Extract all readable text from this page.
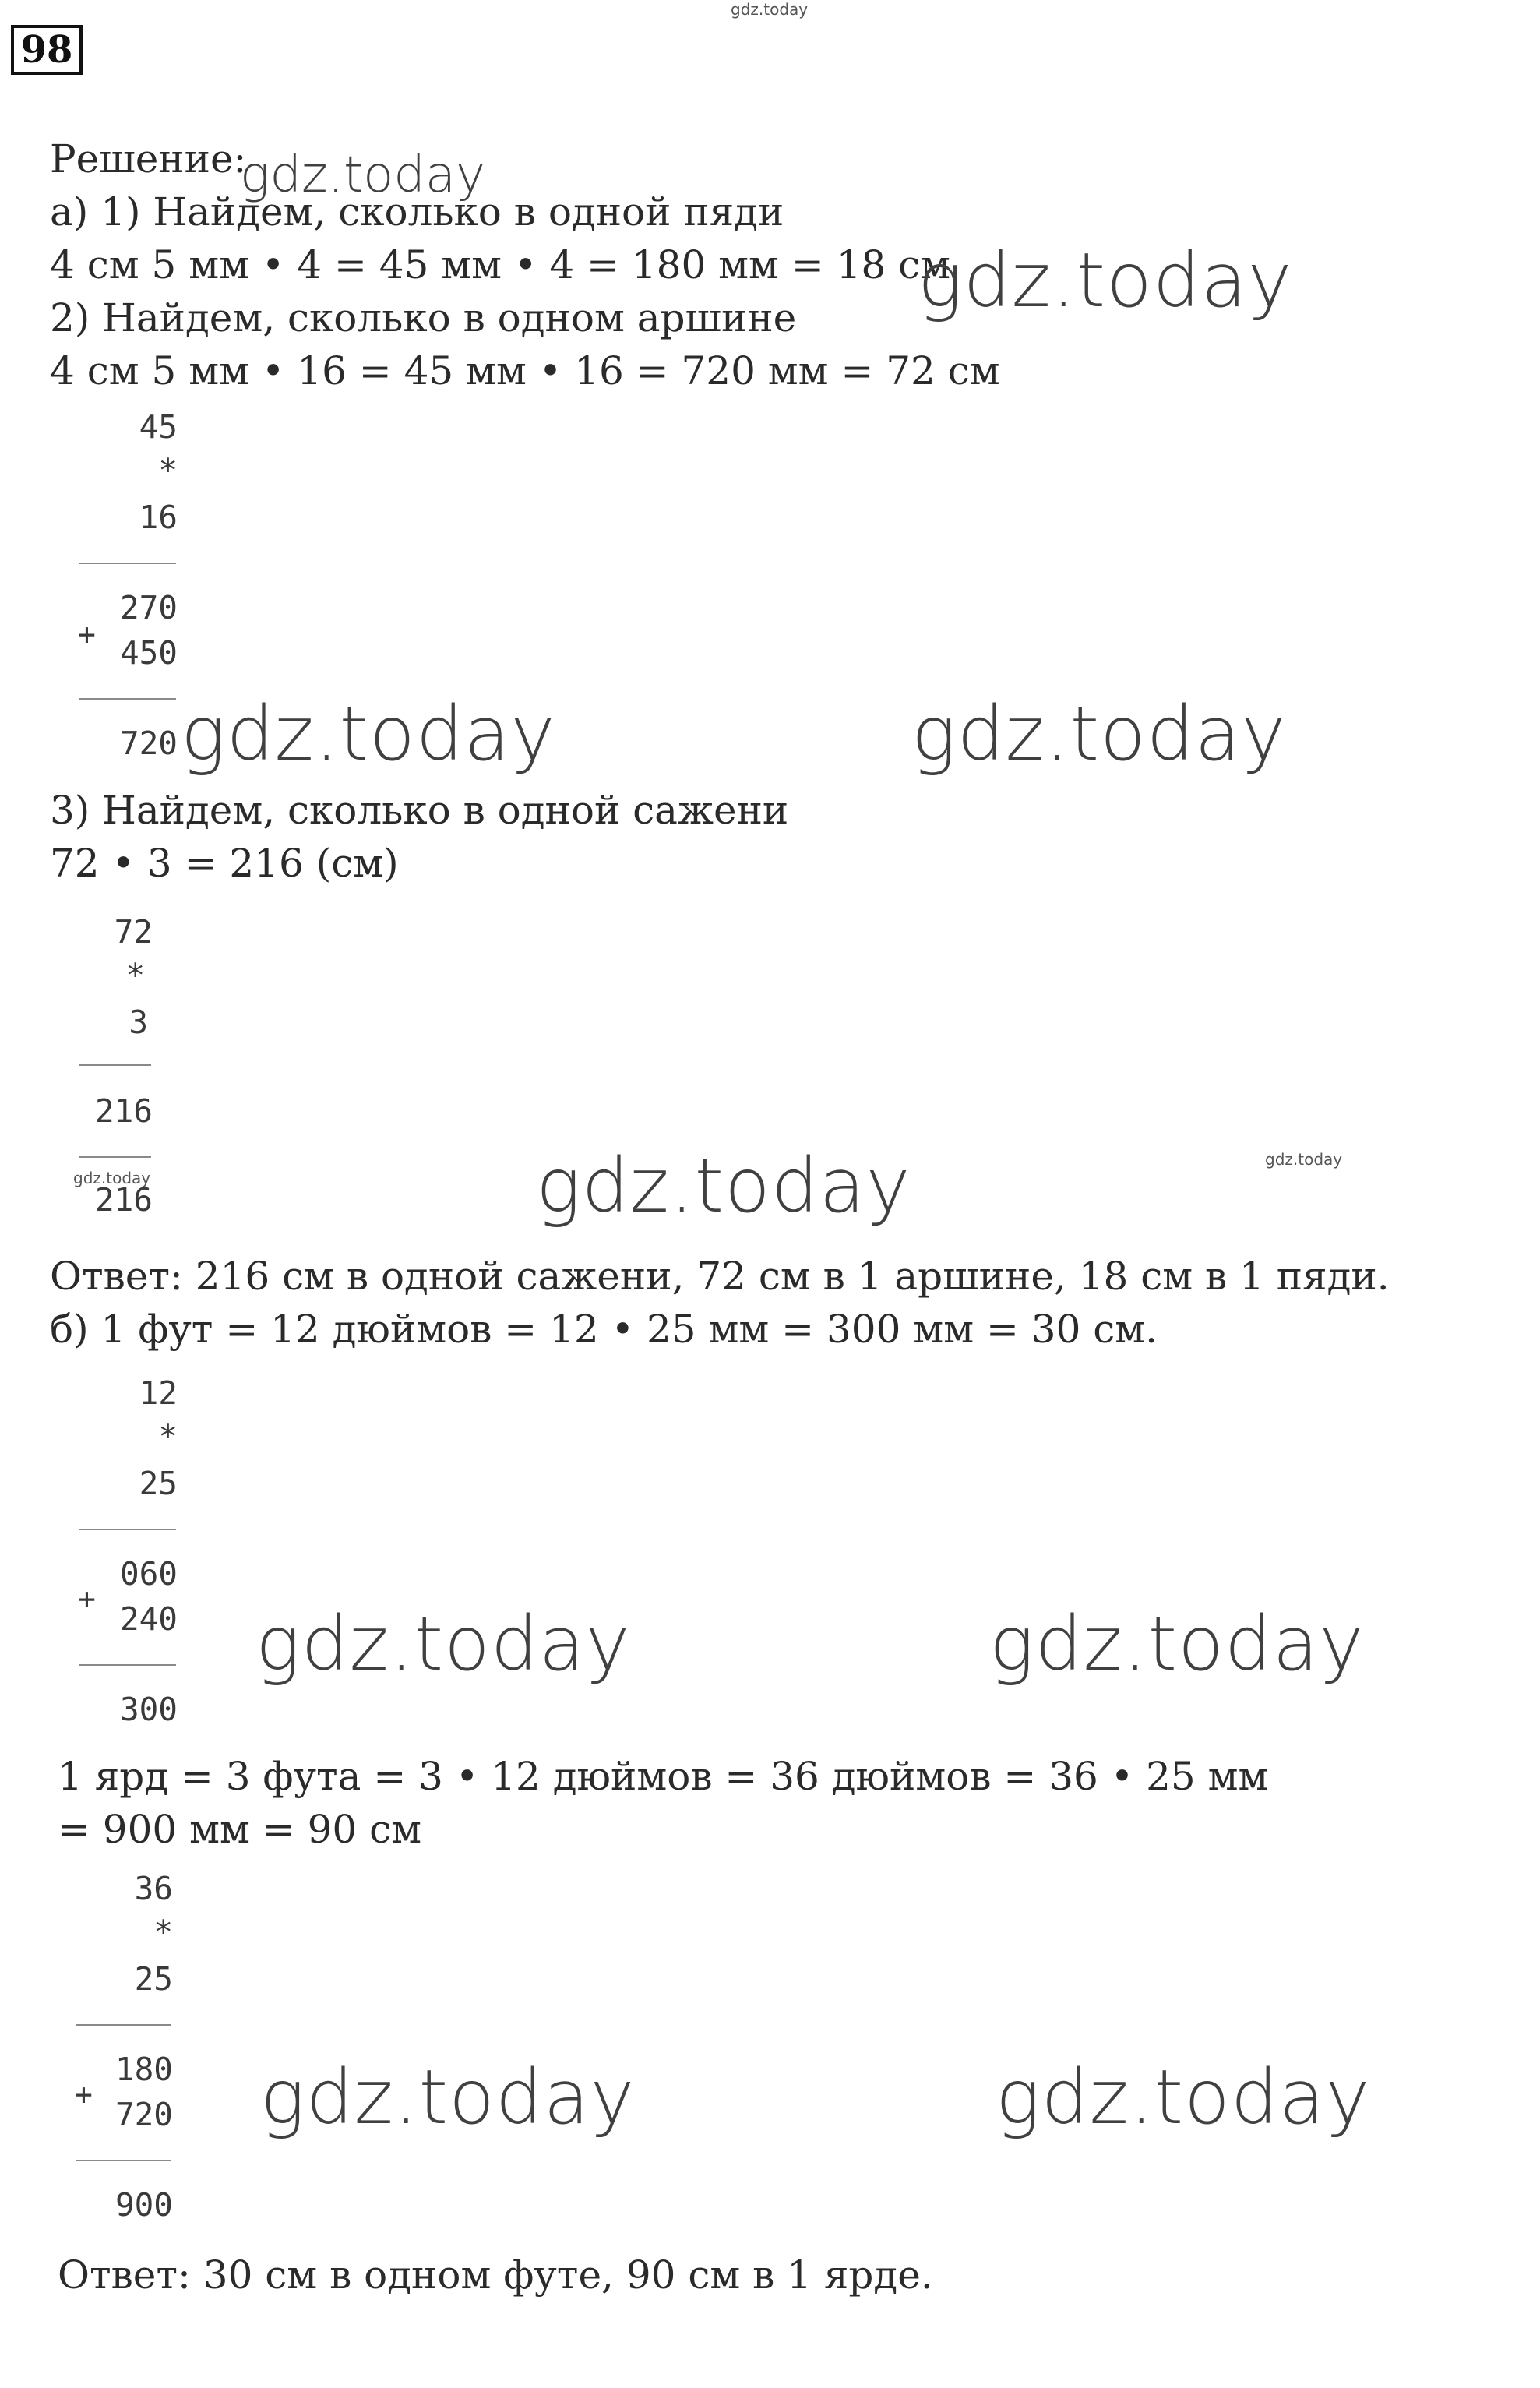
98
gdz.today
Решение:
gdz.today
а) 1) Найдем, сколько в одной пяди
4 см 5 мм • 4 = 45 мм • 4 = 180 мм = 18 см
gdz.today
2) Найдем, сколько в одном аршине
4 см 5 мм • 16 = 45 мм • 16 = 720 мм = 72 см
45
*
16
+
270
450
720 gdz.today	gdz.today
3) Найдем, сколько в одной сажени
72 • 3 = 216 (см)
72
*
3
216
216
gdz.today	gdz.today	gdz.today
Ответ: 216 см в одной сажени, 72 см в 1 аршине, 18 см в 1 пяди.
б) 1 фут = 12 дюймов = 12 • 25 мм = 300 мм = 30 см.
12
*
25
+
060
240
300
gdz.today	gdz.today
1 ярд = 3 фута = 3 • 12 дюймов = 36 дюймов = 36 • 25 мм
= 900 мм = 90 см
36
*
25
+
180
720
900
gdz.today	gdz.today
Ответ: 30 см в одном футе, 90 см в 1 ярде.
